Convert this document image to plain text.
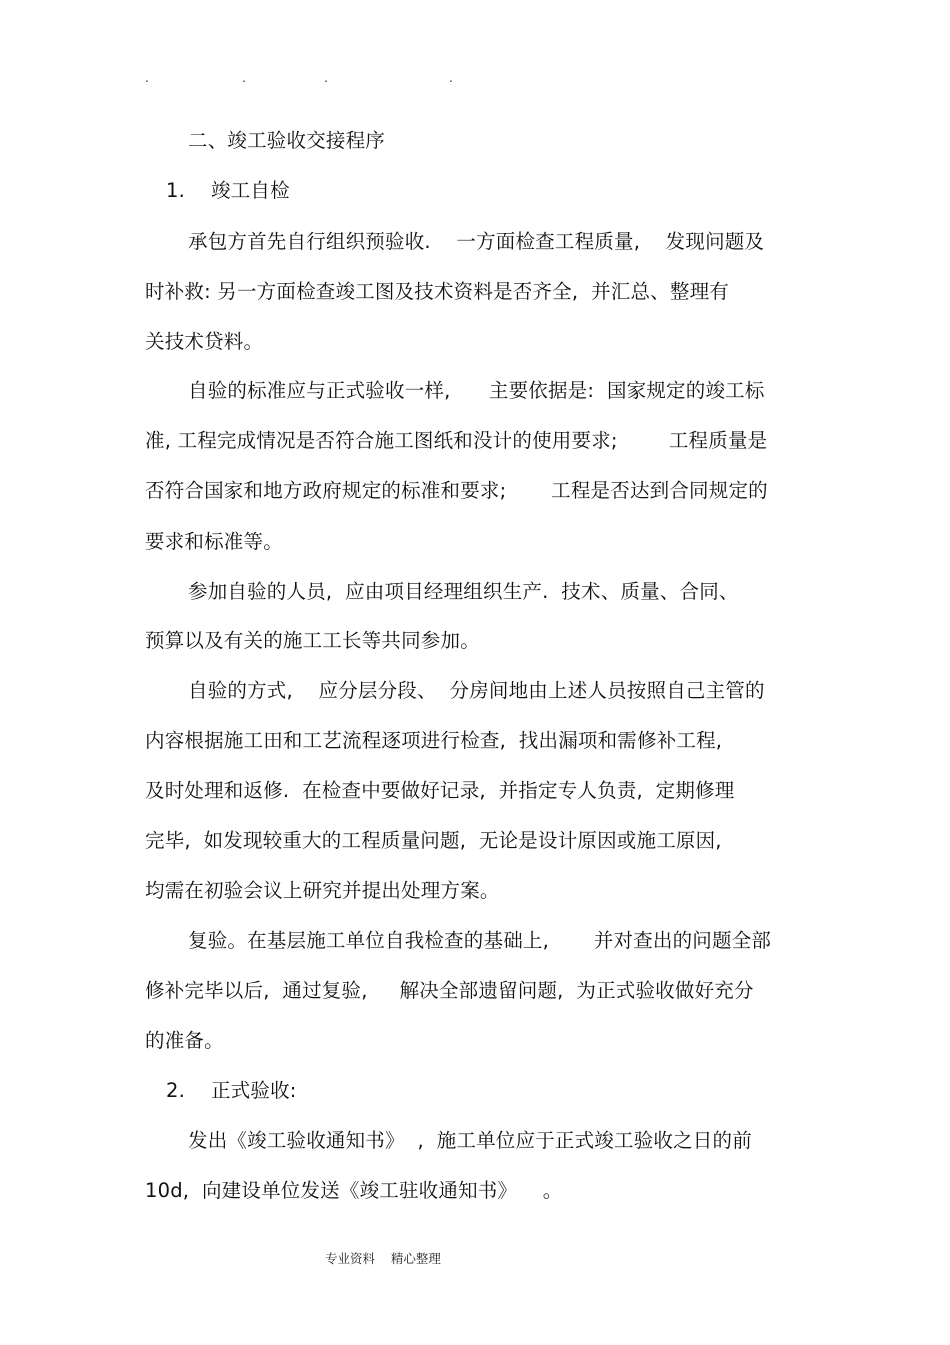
.	.	.	.
二、竣工验收交接程序
1. 竣工自检
承包方首先自行组织预验收.    一方面检查工程质量,    发现问题及
时补救: 另一方面检查竣工图及技术资料是否齐全,  并汇总、整理有
关技术贷料。
自验的标准应与正式验收一样,      主要依据是:  国家规定的竣工标
准, 工程完成情况是否符合施工图纸和没计的使用要求;        工程质量是
否符合国家和地方政府规定的标准和要求;       工程是否达到合同规定的
要求和标准等。
参加自验的人员,  应由项目经理组织生产.  技术、质量、合同、
预算以及有关的施工工长等共同参加。
自验的方式,    应分层分段、  分房间地由上述人员按照自己主管的
内容根据施工田和工艺流程逐项进行检查,  找出漏项和需修补工程,
及时处理和返修.  在检查中要做好记录,  并指定专人负责,  定期修理
完毕,  如发现较重大的工程质量问题,  无论是设计原因或施工原因,
均需在初验会议上研究并提出处理方案。
复验。在基层施工单位自我检查的基础上,       并对查出的问题全部
修补完毕以后,  通过复验,     解决全部遗留问题,  为正式验收做好充分
的准备。
2. 正式验收:
发出《竣工验收通知书》  ,  施工单位应于正式竣工验收之日的前
10d,  向建设单位发送《竣工驻收通知书》    。
专业资料    精心整理
